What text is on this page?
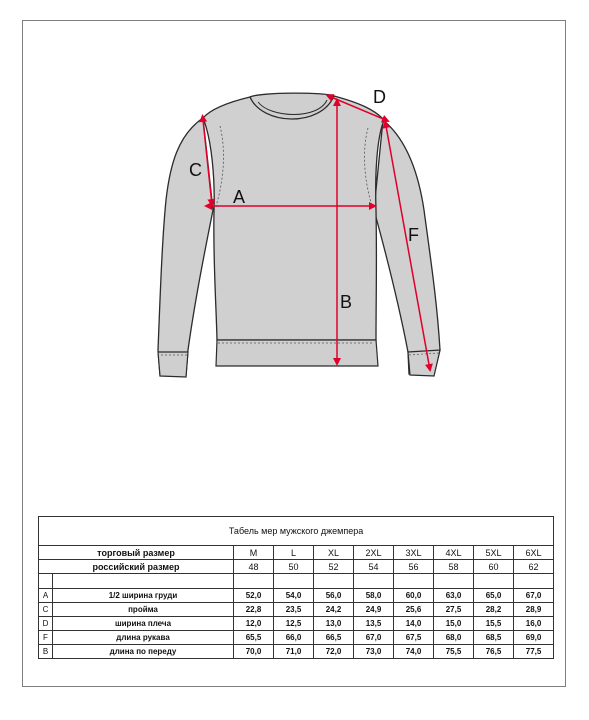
A
B
C
D
F
Табель мер мужского джемпера									
торговый размер		M	L	XL	2XL	3XL	4XL	5XL	6XL
российский размер		48	50	52	54	56	58	60	62

A	1/2 ширина груди	52,0	54,0	56,0	58,0	60,0	63,0	65,0	67,0
C	пройма	22,8	23,5	24,2	24,9	25,6	27,5	28,2	28,9
D	ширина плеча	12,0	12,5	13,0	13,5	14,0	15,0	15,5	16,0
F	длина рукава	65,5	66,0	66,5	67,0	67,5	68,0	68,5	69,0
B	длина по переду	70,0	71,0	72,0	73,0	74,0	75,5	76,5	77,5
